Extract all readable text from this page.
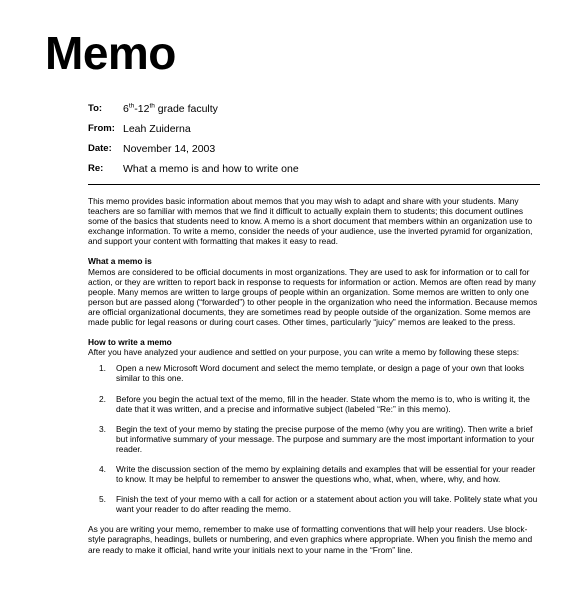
Memo
To:	6th-12th grade faculty
From: Leah Zuiderna
Date:	November 14, 2003
Re:	What a memo is and how to write one

This memo provides basic information about memos that you may wish to adapt and share with your students. Many teachers are so familiar with memos that we find it difficult to actually explain them to students; this document outlines some of the basics that students need to know. A memo is a short document that members within an organization use to exchange information. To write a memo, consider the needs of your audience, use the inverted pyramid for organization, and support your content with formatting that makes it easy to read.

What a memo is

Memos are considered to be official documents in most organizations. They are used to ask for information or to call for action, or they are written to report back in response to requests for information or action. Memos are often read by many people. Many memos are written to large groups of people within an organization. Some memos are written to only one person but are passed along (“forwarded”) to other people in the organization who need the information. Because memos are official organizational documents, they are sometimes read by people outside of the organization. Some memos are made public for legal reasons or during court cases. Other times, particularly “juicy” memos are leaked to the press.

How to write a memo

After you have analyzed your audience and settled on your purpose, you can write a memo by following these steps:

1. Open a new Microsoft Word document and select the memo template, or design a page of your own that looks similar to this one.
2. Before you begin the actual text of the memo, fill in the header. State whom the memo is to, who is writing it, the date that it was written, and a precise and informative subject (labeled “Re:” in this memo).
3. Begin the text of your memo by stating the precise purpose of the memo (why you are writing). Then write a brief but informative summary of your message. The purpose and summary are the most important information to your reader.
4. Write the discussion section of the memo by explaining details and examples that will be essential for your reader to know. It may be helpful to remember to answer the questions who, what, when, where, why, and how.
5. Finish the text of your memo with a call for action or a statement about action you will take. Politely state what you want your reader to do after reading the memo.

As you are writing your memo, remember to make use of formatting conventions that will help your readers. Use block-style paragraphs, headings, bullets or numbering, and even graphics where appropriate. When you finish the memo and are ready to make it official, hand write your initials next to your name in the “From” line.
